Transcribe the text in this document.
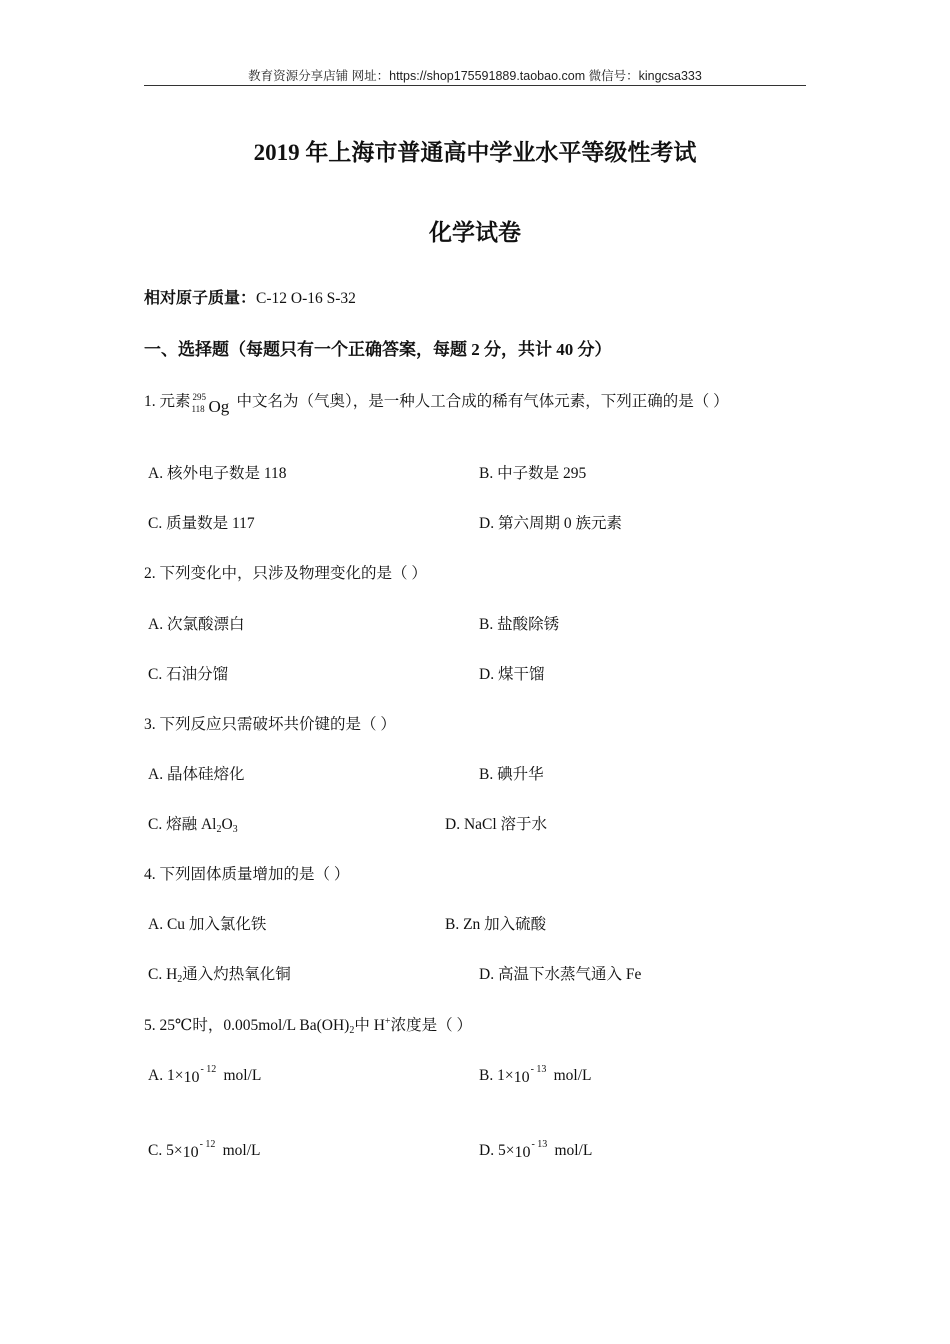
教育资源分享店铺 网址：https://shop175591889.taobao.com 微信号：kingcsa333
2019 年上海市普通高中学业水平等级性考试
化学试卷
相对原子质量：C-12 O-16 S-32
一、选择题（每题只有一个正确答案，每题 2 分，共计 40 分）
1. 元素 295
118 Og 中文名为（气奥），是一种人工合成的稀有气体元素，下列正确的是（ ）
A. 核外电子数是 118	B. 中子数是 295
C. 质量数是 117	D. 第六周期 0 族元素
2. 下列变化中，只涉及物理变化的是（ ）
A. 次氯酸漂白	B. 盐酸除锈
C. 石油分馏	D. 煤干馏
3. 下列反应只需破坏共价键的是（ ）
A. 晶体硅熔化	B. 碘升华
C. 熔融 $Al_2O_3$	D. NaCl 溶于水
4. 下列固体质量增加的是（ ）
A. Cu 加入氯化铁	B. Zn 加入硫酸
C. $H_2$通入灼热氧化铜	D. 高温下水蒸气通入 Fe
5. 25℃时，0.005mol/L $Ba(OH)_2$中 H+浓度是（ ）
A. 1× 10 - 12 mol/L	B. 1× 10 - 13 mol/L
C. 5× 10 - 12 mol/L	D. 5× 10 - 13 mol/L
